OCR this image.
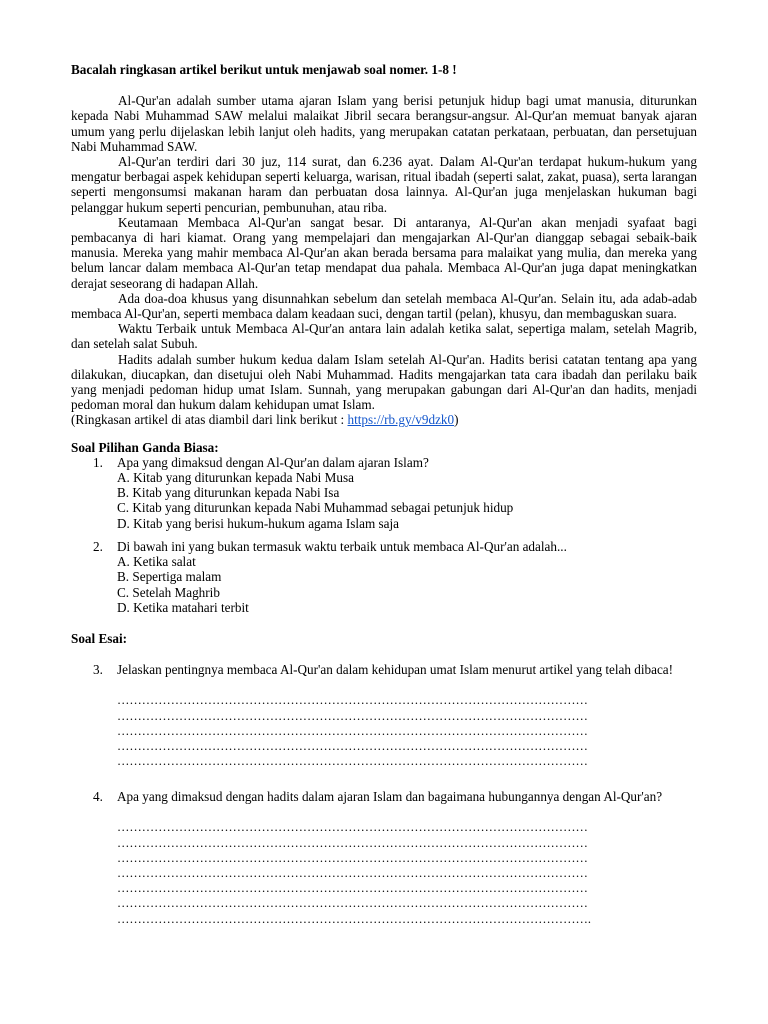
Bacalah ringkasan artikel berikut untuk menjawab soal nomer. 1-8 !

Al-Qur'an adalah sumber utama ajaran Islam yang berisi petunjuk hidup bagi umat manusia, diturunkan kepada Nabi Muhammad SAW melalui malaikat Jibril secara berangsur-angsur. Al-Qur'an memuat banyak ajaran umum yang perlu dijelaskan lebih lanjut oleh hadits, yang merupakan catatan perkataan, perbuatan, dan persetujuan Nabi Muhammad SAW.

Al-Qur'an terdiri dari 30 juz, 114 surat, dan 6.236 ayat. Dalam Al-Qur'an terdapat hukum-hukum yang mengatur berbagai aspek kehidupan seperti keluarga, warisan, ritual ibadah (seperti salat, zakat, puasa), serta larangan seperti mengonsumsi makanan haram dan perbuatan dosa lainnya. Al-Qur'an juga menjelaskan hukuman bagi pelanggar hukum seperti pencurian, pembunuhan, atau riba.

Keutamaan Membaca Al-Qur'an sangat besar. Di antaranya, Al-Qur'an akan menjadi syafaat bagi pembacanya di hari kiamat. Orang yang mempelajari dan mengajarkan Al-Qur'an dianggap sebagai sebaik-baik manusia. Mereka yang mahir membaca Al-Qur'an akan berada bersama para malaikat yang mulia, dan mereka yang belum lancar dalam membaca Al-Qur'an tetap mendapat dua pahala. Membaca Al-Qur'an juga dapat meningkatkan derajat seseorang di hadapan Allah.

Ada doa-doa khusus yang disunnahkan sebelum dan setelah membaca Al-Qur'an. Selain itu, ada adab-adab membaca Al-Qur'an, seperti membaca dalam keadaan suci, dengan tartil (pelan), khusyu, dan membaguskan suara.

Waktu Terbaik untuk Membaca Al-Qur'an antara lain adalah ketika salat, sepertiga malam, setelah Magrib, dan setelah salat Subuh.

Hadits adalah sumber hukum kedua dalam Islam setelah Al-Qur'an. Hadits berisi catatan tentang apa yang dilakukan, diucapkan, dan disetujui oleh Nabi Muhammad. Hadits mengajarkan tata cara ibadah dan perilaku baik yang menjadi pedoman hidup umat Islam. Sunnah, yang merupakan gabungan dari Al-Qur'an dan hadits, menjadi pedoman moral dan hukum dalam kehidupan umat Islam.

(Ringkasan artikel di atas diambil dari link berikut : https://rb.gy/v9dzk0)

Soal Pilihan Ganda Biasa:

1. Apa yang dimaksud dengan Al-Qur'an dalam ajaran Islam?

A. Kitab yang diturunkan kepada Nabi Musa
B. Kitab yang diturunkan kepada Nabi Isa
C. Kitab yang diturunkan kepada Nabi Muhammad sebagai petunjuk hidup
D. Kitab yang berisi hukum-hukum agama Islam saja

2. Di bawah ini yang bukan termasuk waktu terbaik untuk membaca Al-Qur'an adalah...

A. Ketika salat
B. Sepertiga malam
C. Setelah Maghrib
D. Ketika matahari terbit

Soal Esai:

3. Jelaskan pentingnya membaca Al-Qur'an dalam kehidupan umat Islam menurut artikel yang telah dibaca!

……………………………………………………………………………………………………
……………………………………………………………………………………………………
……………………………………………………………………………………………………
……………………………………………………………………………………………………
……………………………………………………………………………………………………

4. Apa yang dimaksud dengan hadits dalam ajaran Islam dan bagaimana hubungannya dengan Al-Qur'an?

……………………………………………………………………………………………………
……………………………………………………………………………………………………
……………………………………………………………………………………………………
……………………………………………………………………………………………………
……………………………………………………………………………………………………
……………………………………………………………………………………………………
…………………………………………………………………………………………………….
